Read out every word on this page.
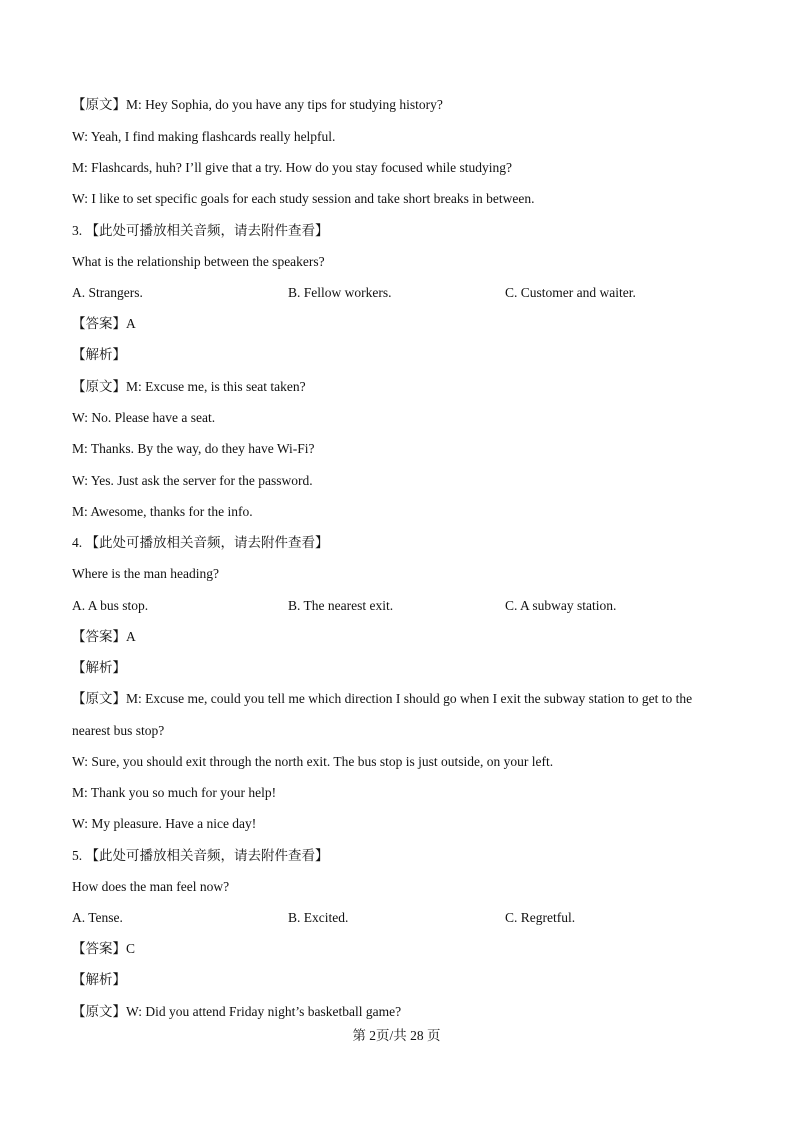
【原文】M: Hey Sophia, do you have any tips for studying history?
W: Yeah, I find making flashcards really helpful.
M: Flashcards, huh? I’ll give that a try. How do you stay focused while studying?
W: I like to set specific goals for each study session and take short breaks in between.
3. 【此处可播放相关音频，请去附件查看】
What is the relationship between the speakers?
A. Strangers.	B. Fellow workers.	C. Customer and waiter.
【答案】A
【解析】
【原文】M: Excuse me, is this seat taken?
W: No. Please have a seat.
M: Thanks. By the way, do they have Wi-Fi?
W: Yes. Just ask the server for the password.
M: Awesome, thanks for the info.
4. 【此处可播放相关音频，请去附件查看】
Where is the man heading?
A. A bus stop.	B. The nearest exit.	C. A subway station.
【答案】A
【解析】
【原文】M: Excuse me, could you tell me which direction I should go when I exit the subway station to get to the
nearest bus stop?
W: Sure, you should exit through the north exit. The bus stop is just outside, on your left.
M: Thank you so much for your help!
W: My pleasure. Have a nice day!
5. 【此处可播放相关音频，请去附件查看】
How does the man feel now?
A. Tense.	B. Excited.	C. Regretful.
【答案】C
【解析】
【原文】W: Did you attend Friday night’s basketball game?
第 2页/共 28 页
